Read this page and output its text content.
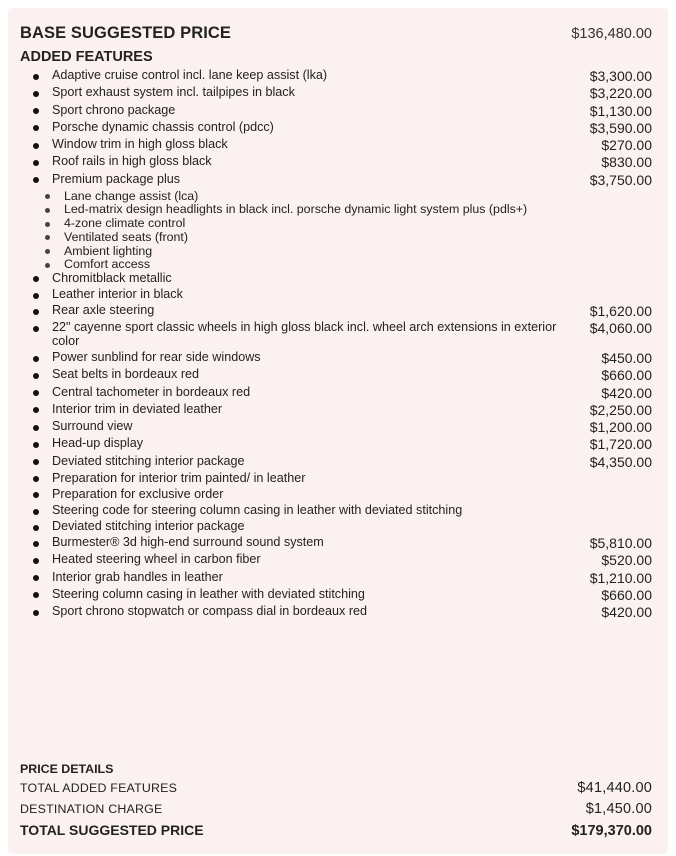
BASE SUGGESTED PRICE	$136,480.00
ADDED FEATURES
Adaptive cruise control incl. lane keep assist (lka)	$3,300.00
Sport exhaust system incl. tailpipes in black	$3,220.00
Sport chrono package	$1,130.00
Porsche dynamic chassis control (pdcc)	$3,590.00
Window trim in high gloss black	$270.00
Roof rails in high gloss black	$830.00
Premium package plus	$3,750.00
Lane change assist (lca)
Led-matrix design headlights in black incl. porsche dynamic light system plus (pdls+)
4-zone climate control
Ventilated seats (front)
Ambient lighting
Comfort access
Chromitblack metallic
Leather interior in black
Rear axle steering	$1,620.00
22" cayenne sport classic wheels in high gloss black incl. wheel arch extensions in exterior color
$4,060.00
Power sunblind for rear side windows	$450.00
Seat belts in bordeaux red	$660.00
Central tachometer in bordeaux red	$420.00
Interior trim in deviated leather	$2,250.00
Surround view	$1,200.00
Head-up display	$1,720.00
Deviated stitching interior package	$4,350.00
Preparation for interior trim painted/ in leather
Preparation for exclusive order
Steering code for steering column casing in leather with deviated stitching
Deviated stitching interior package
Burmester® 3d high-end surround sound system	$5,810.00
Heated steering wheel in carbon fiber	$520.00
Interior grab handles in leather	$1,210.00
Steering column casing in leather with deviated stitching	$660.00
Sport chrono stopwatch or compass dial in bordeaux red	$420.00
PRICE DETAILS
TOTAL ADDED FEATURES	$41,440.00
DESTINATION CHARGE	$1,450.00
TOTAL SUGGESTED PRICE	$179,370.00
